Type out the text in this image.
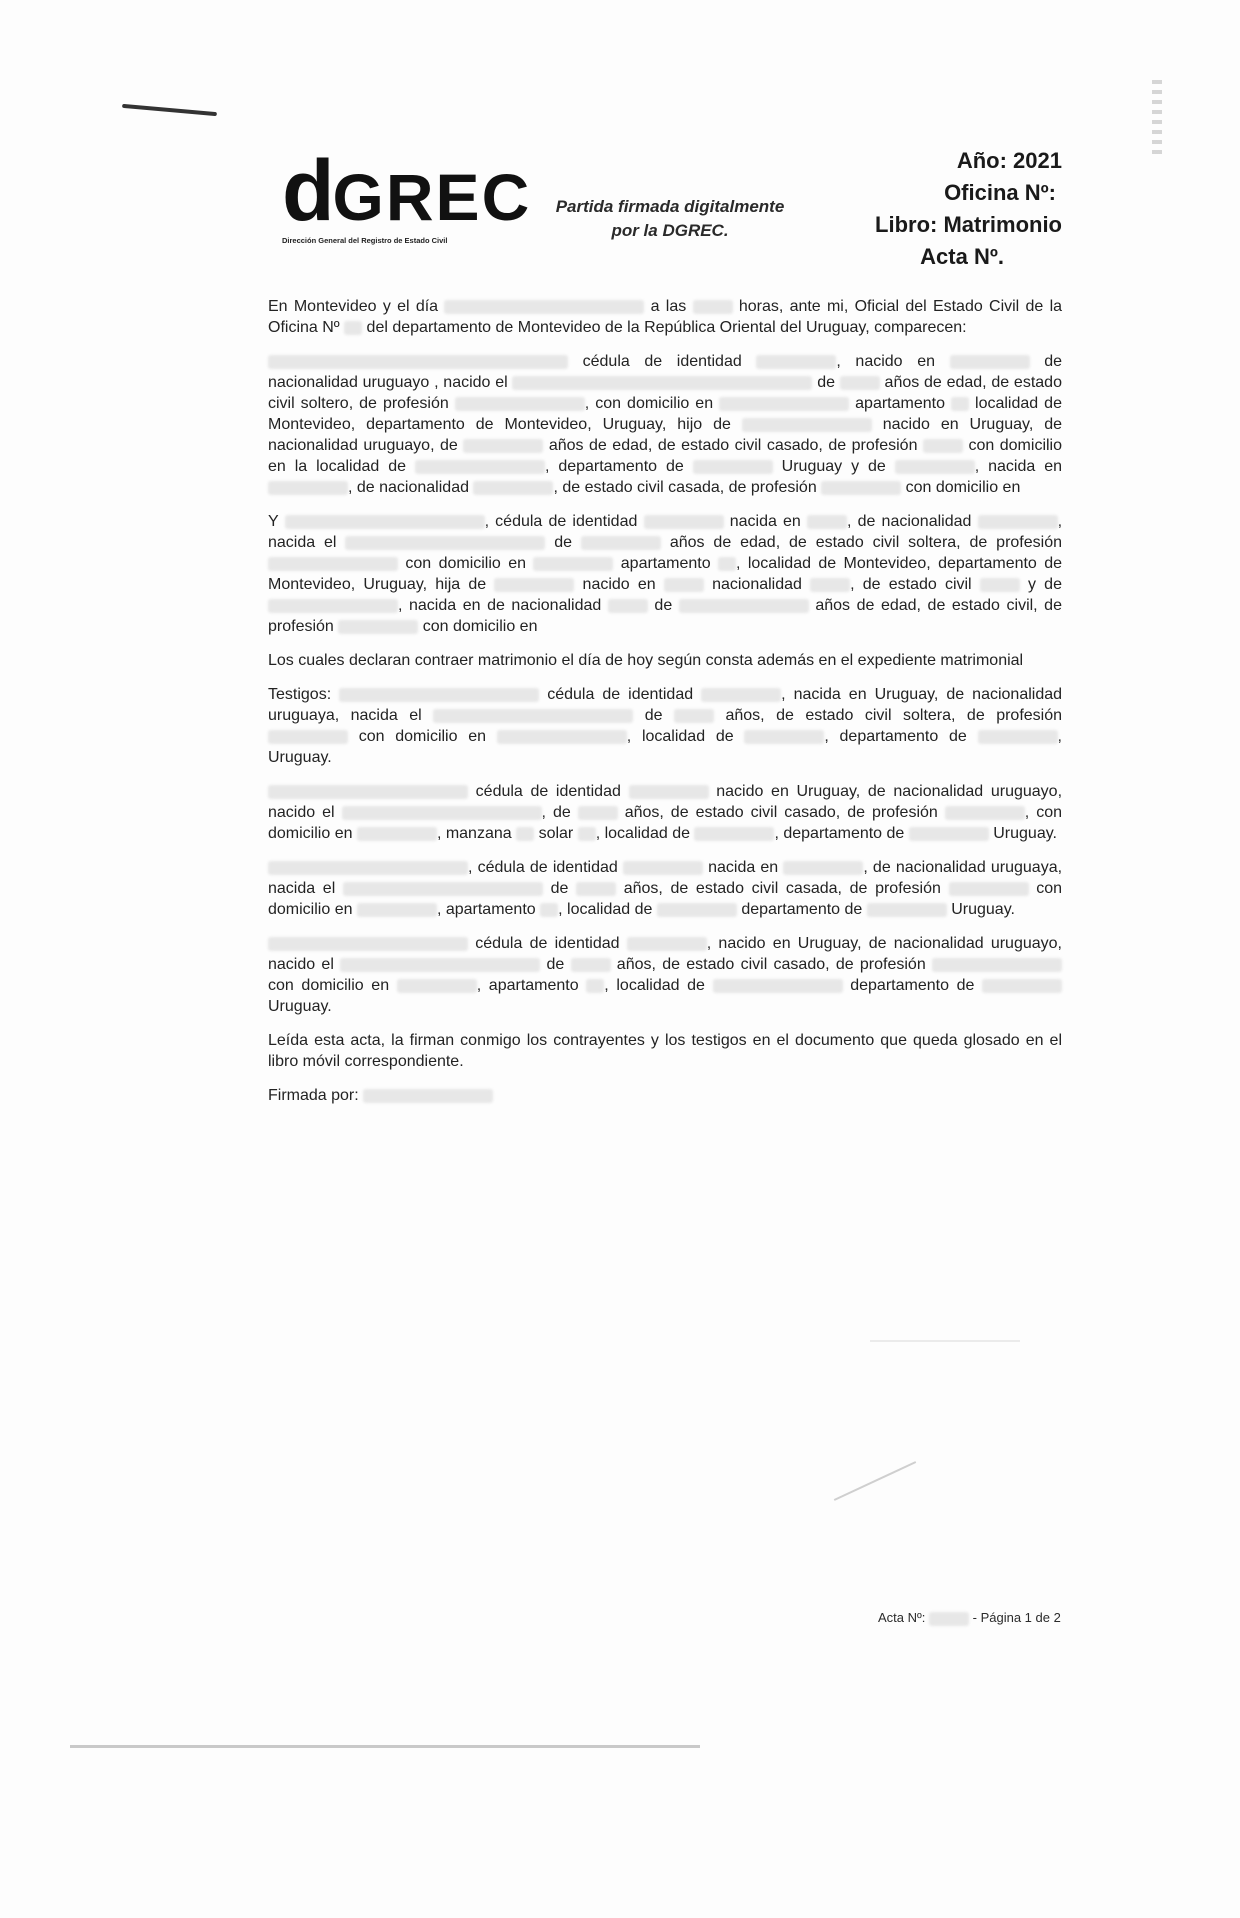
dGREC
Dirección General del Registro de Estado Civil
Partida firmada digitalmente
por la DGREC.
Año: 2021
Oficina Nº:
Libro: Matrimonio
Acta Nº.

En Montevideo y el día	a las	horas, ante mi, Oficial del Estado Civil de la Oficina Nº del departamento de Montevideo de la República Oriental del Uruguay, comparecen:

cédula de identidad	, nacido en	de nacionalidad uruguayo , nacido el	de	años de edad, de estado civil soltero, de profesión	, con domicilio en	apartamento localidad de Montevideo, departamento de Montevideo, Uruguay, hijo de	nacido en Uruguay, de nacionalidad uruguayo, de	años de edad, de estado civil casado, de profesión	con domicilio en la localidad de	, departamento de	Uruguay y de	, nacida en , de nacionalidad	, de estado civil casada, de profesión	con domicilio en

Y	, cédula de identidad	nacida en	, de nacionalidad	, nacida el	de	años de edad, de estado civil soltera, de profesión  con domicilio en	apartamento , localidad de Montevideo, departamento de Montevideo, Uruguay, hija de	nacido en	nacionalidad	, de estado civil	y de , nacida en de nacionalidad	de	años de edad, de estado civil, de profesión	con domicilio en

Los cuales declaran contraer matrimonio el día de hoy según consta además en el expediente matrimonial

Testigos:	cédula de identidad	, nacida en Uruguay, de nacionalidad uruguaya, nacida el	de	años, de estado civil soltera, de profesión  con domicilio en	, localidad de	, departamento de	, Uruguay.

cédula de identidad	nacido en Uruguay, de nacionalidad uruguayo, nacido el	, de	años, de estado civil casado, de profesión	, con domicilio en	, manzana solar , localidad de	, departamento de	Uruguay.

, cédula de identidad	nacida en	, de nacionalidad uruguaya, nacida el	de	años, de estado civil casada, de profesión	con domicilio en	, apartamento , localidad de	departamento de	Uruguay.

cédula de identidad	, nacido en Uruguay, de nacionalidad uruguayo, nacido el	de	años, de estado civil casado, de profesión  con domicilio en	, apartamento , localidad de	departamento de  Uruguay.

Leída esta acta, la firman conmigo los contrayentes y los testigos en el documento que queda glosado en el libro móvil correspondiente.

Firmada por:

Acta Nº:	- Página 1 de 2
